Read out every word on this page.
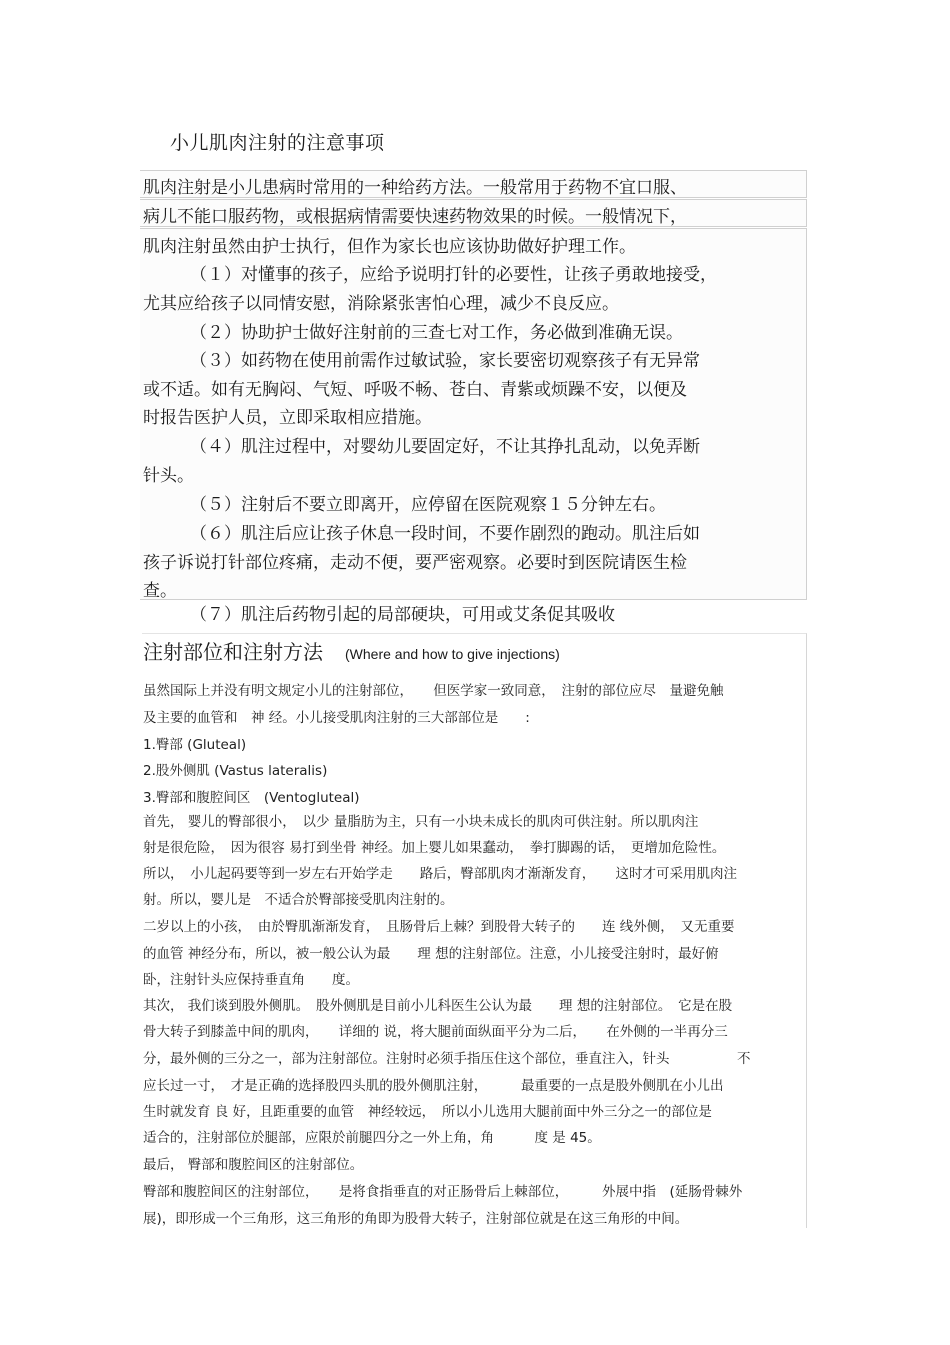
小儿肌肉注射的注意事项
肌肉注射是小儿患病时常用的一种给药方法。一般常用于药物不宜口服、
病儿不能口服药物，或根据病情需要快速药物效果的时候。一般情况下，
肌肉注射虽然由护士执行，但作为家长也应该协助做好护理工作。
（１）对懂事的孩子，应给予说明打针的必要性，让孩子勇敢地接受，
尤其应给孩子以同情安慰，消除紧张害怕心理，减少不良反应。
（２）协助护士做好注射前的三查七对工作，务必做到准确无误。
（３）如药物在使用前需作过敏试验，家长要密切观察孩子有无异常
或不适。如有无胸闷、气短、呼吸不畅、苍白、青紫或烦躁不安，以便及
时报告医护人员，立即采取相应措施。
（４）肌注过程中，对婴幼儿要固定好，不让其挣扎乱动，以免弄断
针头。
（５）注射后不要立即离开，应停留在医院观察１５分钟左右。
（６）肌注后应让孩子休息一段时间，不要作剧烈的跑动。肌注后如
孩子诉说打针部位疼痛，走动不便，要严密观察。必要时到医院请医生检
查。
（７）肌注后药物引起的局部硬块，可用或艾条促其吸收
注射部位和注射方法 (Where and how to give injections)
虽然国际上并没有明文规定小儿的注射部位，　　但医学家一致同意，　注射的部位应尽　量避免触
及主要的血管和　神 经。小儿接受肌肉注射的三大部部位是　　:
1.臀部 (Gluteal)
2.股外侧肌 (Vastus lateralis)
3.臀部和腹腔间区　(Ventogluteal)
首先， 婴儿的臀部很小，　以少 量脂肪为主，只有一小块未成长的肌肉可供注射。所以肌肉注
射是很危险，　因为很容 易打到坐骨 神经。加上婴儿如果蠢动，　拳打脚踢的话，　更增加危险性。
所以，　小儿起码要等到一岁左右开始学走　　路后，臀部肌肉才渐渐发育，　　这时才可采用肌肉注
射。所以，婴儿是　不适合於臀部接受肌肉注射的。
二岁以上的小孩，　由於臀肌渐渐发育，　且肠骨后上棘？到股骨大转子的　　连 线外侧，　又无重要
的血管 神经分布，所以，被一般公认为最　　理 想的注射部位。注意，小儿接受注射时，最好俯
卧，注射针头应保持垂直角　　度。
其次， 我们谈到股外侧肌。　股外侧肌是目前小儿科医生公认为最　　理 想的注射部位。　它是在股
骨大转子到膝盖中间的肌肉，　　详细的 说，将大腿前面纵面平分为二后，　　在外侧的一半再分三
分，最外侧的三分之一，部为注射部位。注射时必须手指压住这个部位，垂直注入，针头　　　　　不
应长过一寸，　才是正确的选择股四头肌的股外侧肌注射，　　　最重要的一点是股外侧肌在小儿出
生时就发育 良 好，且距重要的血管　神经较远，　所以小儿选用大腿前面中外三分之一的部位是
适合的，注射部位於腿部，应限於前腿四分之一外上角，角　　　度 是 45。
最后， 臀部和腹腔间区的注射部位。
臀部和腹腔间区的注射部位，　　是将食指垂直的对正肠骨后上棘部位，　　　外展中指　(延肠骨棘外
展)，即形成一个三角形，这三角形的角即为股骨大转子，注射部位就是在这三角形的中间。
